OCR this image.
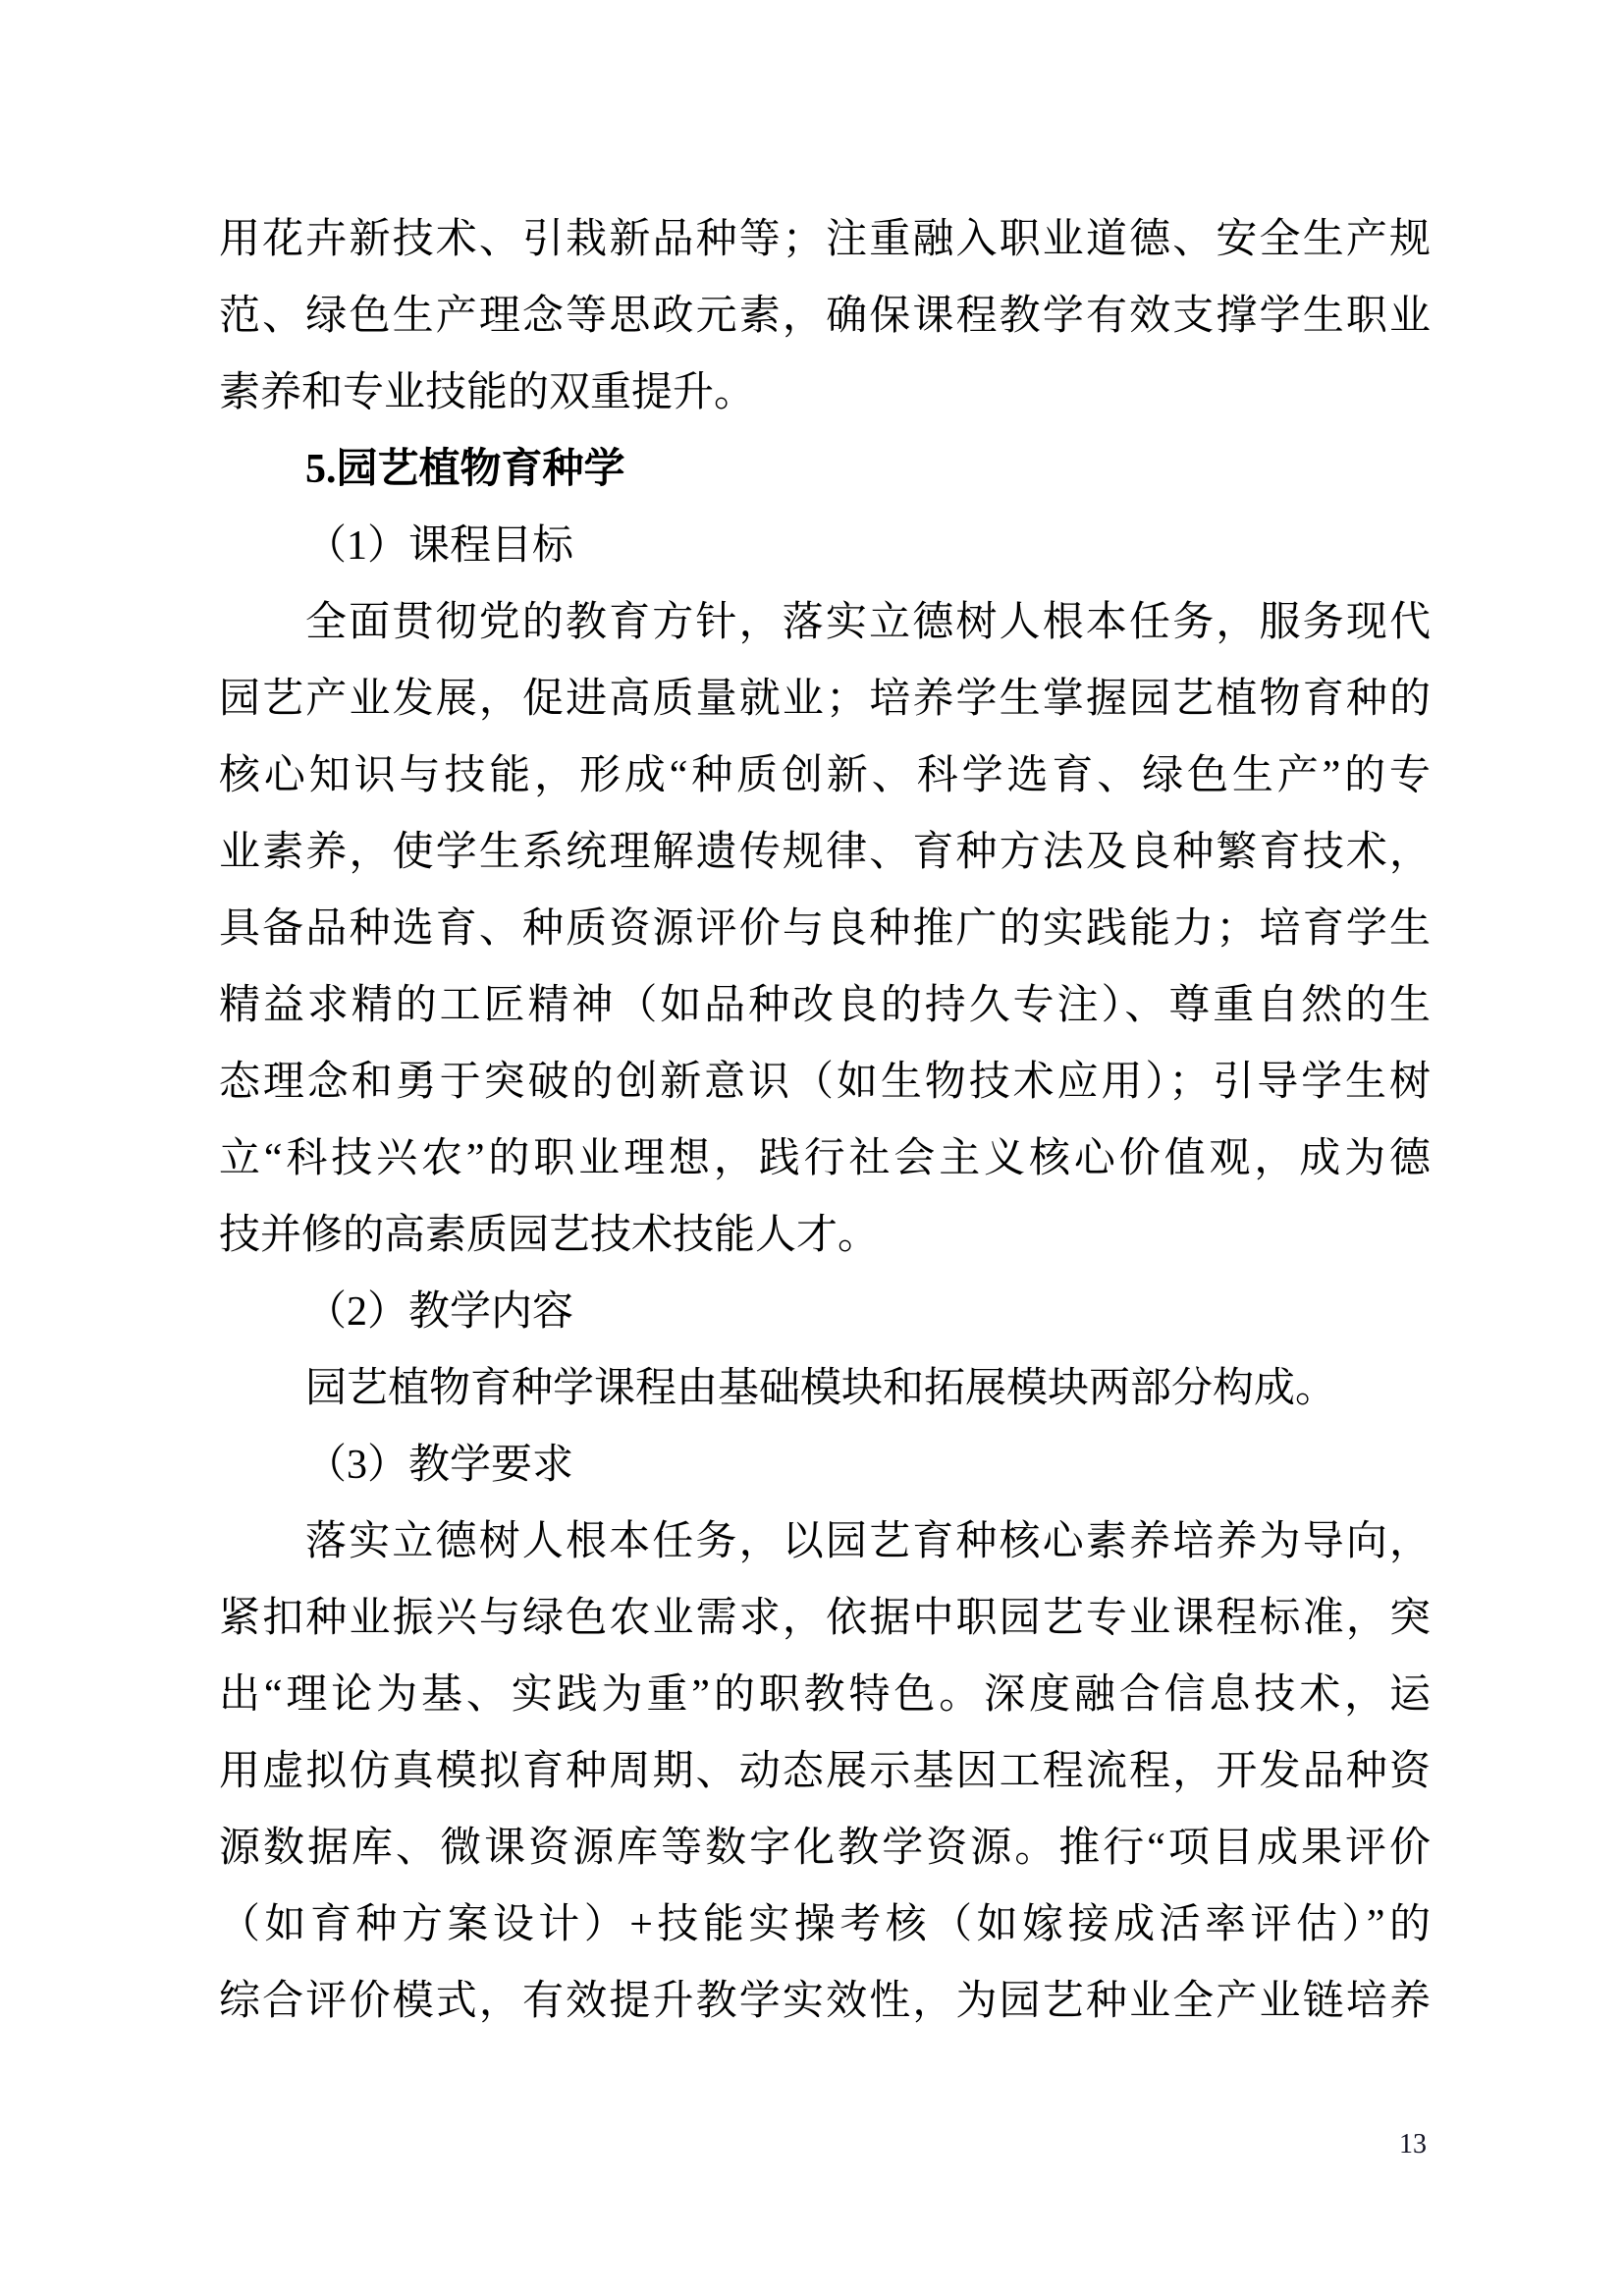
用花卉新技术、引栽新品种等；注重融入职业道德、安全生产规
范、绿色生产理念等思政元素，确保课程教学有效支撑学生职业
素养和专业技能的双重提升。
5.园艺植物育种学
（1）课程目标
全面贯彻党的教育方针，落实立德树人根本任务，服务现代
园艺产业发展，促进高质量就业；培养学生掌握园艺植物育种的
核心知识与技能，形成“种质创新、科学选育、绿色生产”的专
业素养，使学生系统理解遗传规律、育种方法及良种繁育技术，
具备品种选育、种质资源评价与良种推广的实践能力；培育学生
精益求精的工匠精神（如品种改良的持久专注）、尊重自然的生
态理念和勇于突破的创新意识（如生物技术应用）；引导学生树
立“科技兴农”的职业理想，践行社会主义核心价值观，成为德
技并修的高素质园艺技术技能人才。
（2）教学内容
园艺植物育种学课程由基础模块和拓展模块两部分构成。
（3）教学要求
落实立德树人根本任务，以园艺育种核心素养培养为导向，
紧扣种业振兴与绿色农业需求，依据中职园艺专业课程标准，突
出“理论为基、实践为重”的职教特色。深度融合信息技术，运
用虚拟仿真模拟育种周期、动态展示基因工程流程，开发品种资
源数据库、微课资源库等数字化教学资源。推行“项目成果评价
（如育种方案设计）+技能实操考核（如嫁接成活率评估）”的
综合评价模式，有效提升教学实效性，为园艺种业全产业链培养
13
